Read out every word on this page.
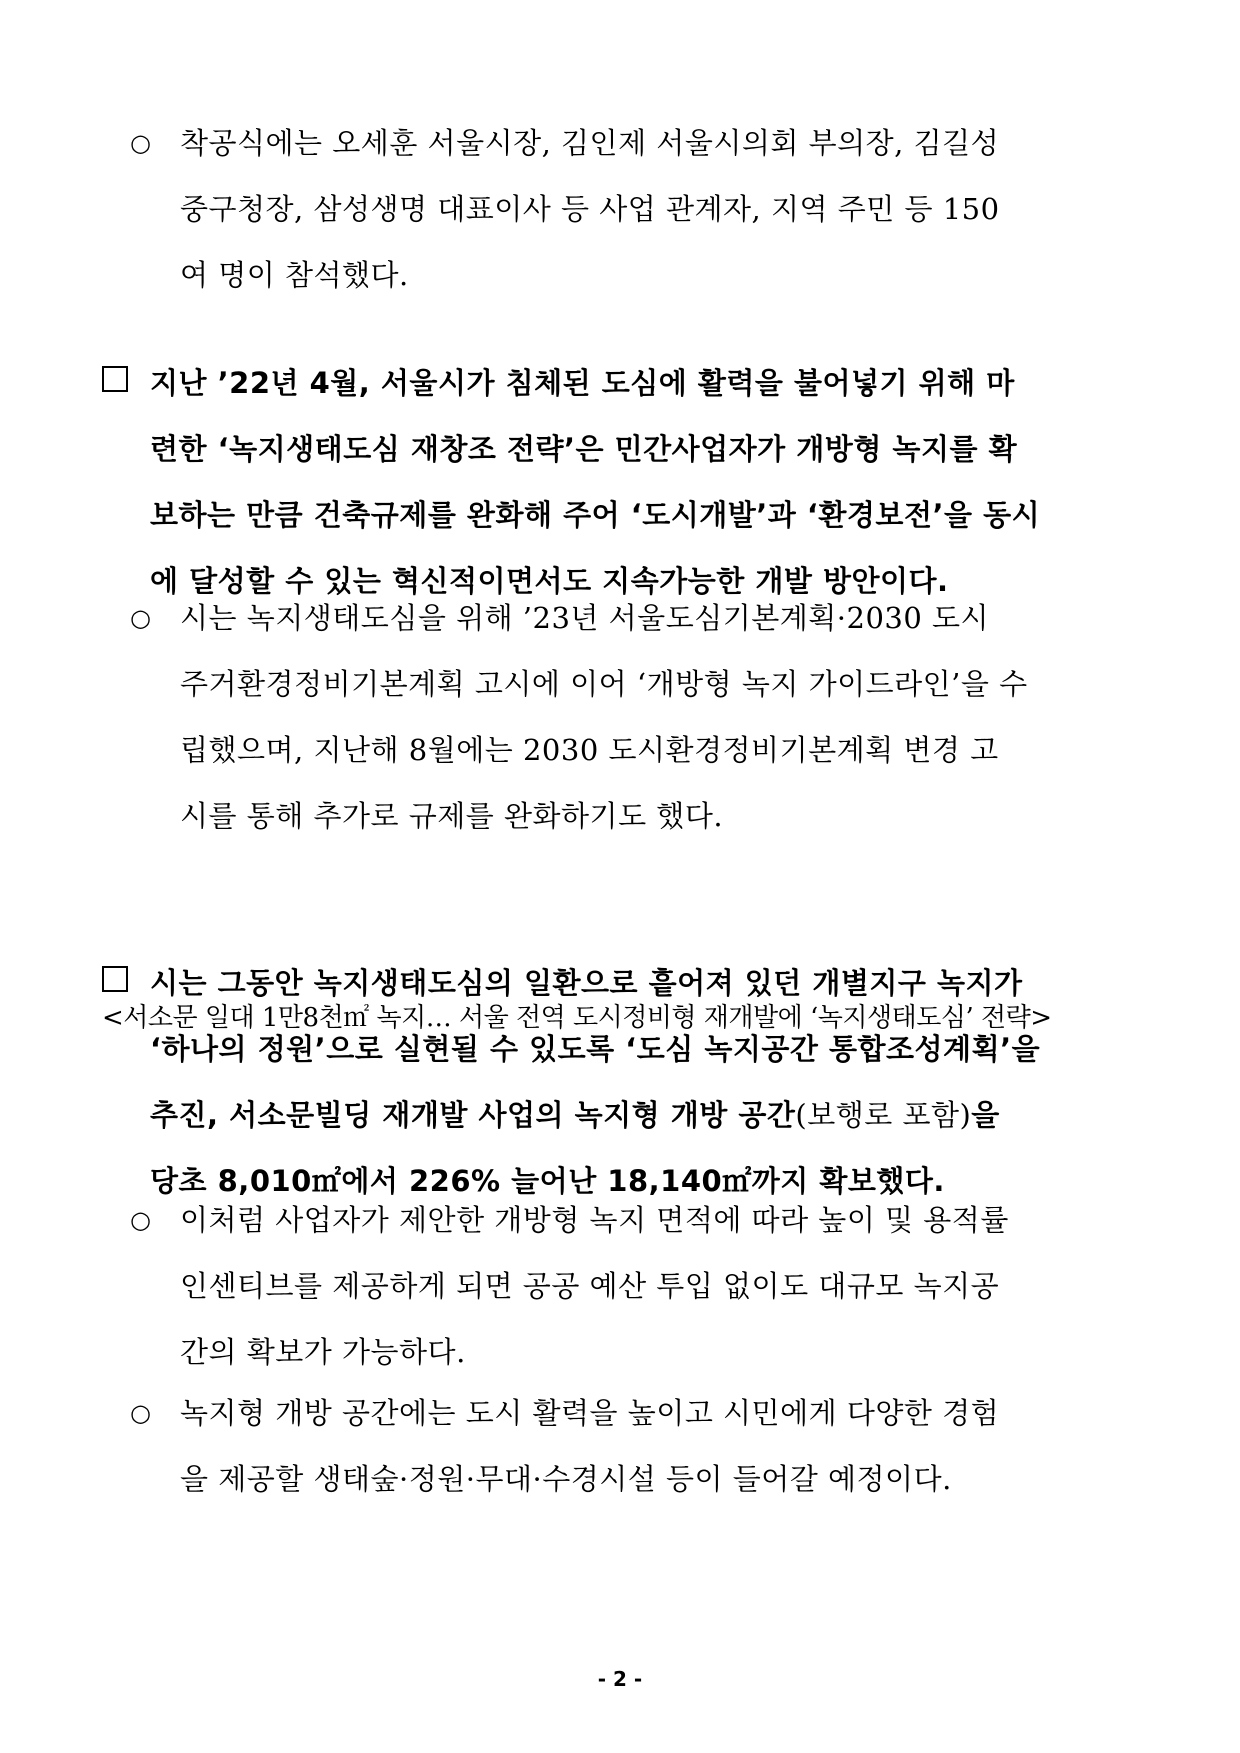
○	착공식에는 오세훈 서울시장, 김인제 서울시의회 부의장, 김길성
중구청장, 삼성생명 대표이사 등 사업 관계자, 지역 주민 등 150
여 명이 참석했다.
지난 ’22년 4월, 서울시가 침체된 도심에 활력을 불어넣기 위해 마
련한 ‘녹지생태도심 재창조 전략’은 민간사업자가 개방형 녹지를 확
보하는 만큼 건축규제를 완화해 주어 ‘도시개발’과 ‘환경보전’을 동시
에 달성할 수 있는 혁신적이면서도 지속가능한 개발 방안이다.
○	시는 녹지생태도심을 위해 ’23년 서울도심기본계획·2030 도시
주거환경정비기본계획 고시에 이어 ‘개방형 녹지 가이드라인’을 수
립했으며, 지난해 8월에는 2030 도시환경정비기본계획 변경 고
시를 통해 추가로 규제를 완화하기도 했다.
<서소문 일대 1만8천㎡ 녹지… 서울 전역 도시정비형 재개발에 ‘녹지생태도심’ 전략>
시는 그동안 녹지생태도심의 일환으로 흩어져 있던 개별지구 녹지가
‘하나의 정원’으로 실현될 수 있도록 ‘도심 녹지공간 통합조성계획’을
추진, 서소문빌딩 재개발 사업의 녹지형 개방 공간(보행로 포함)을
당초 8,010㎡에서 226% 늘어난 18,140㎡까지 확보했다.
○	이처럼 사업자가 제안한 개방형 녹지 면적에 따라 높이 및 용적률
인센티브를 제공하게 되면 공공 예산 투입 없이도 대규모 녹지공
간의 확보가 가능하다.
○	녹지형 개방 공간에는 도시 활력을 높이고 시민에게 다양한 경험
을 제공할 생태숲·정원·무대·수경시설 등이 들어갈 예정이다.
- 2 -
